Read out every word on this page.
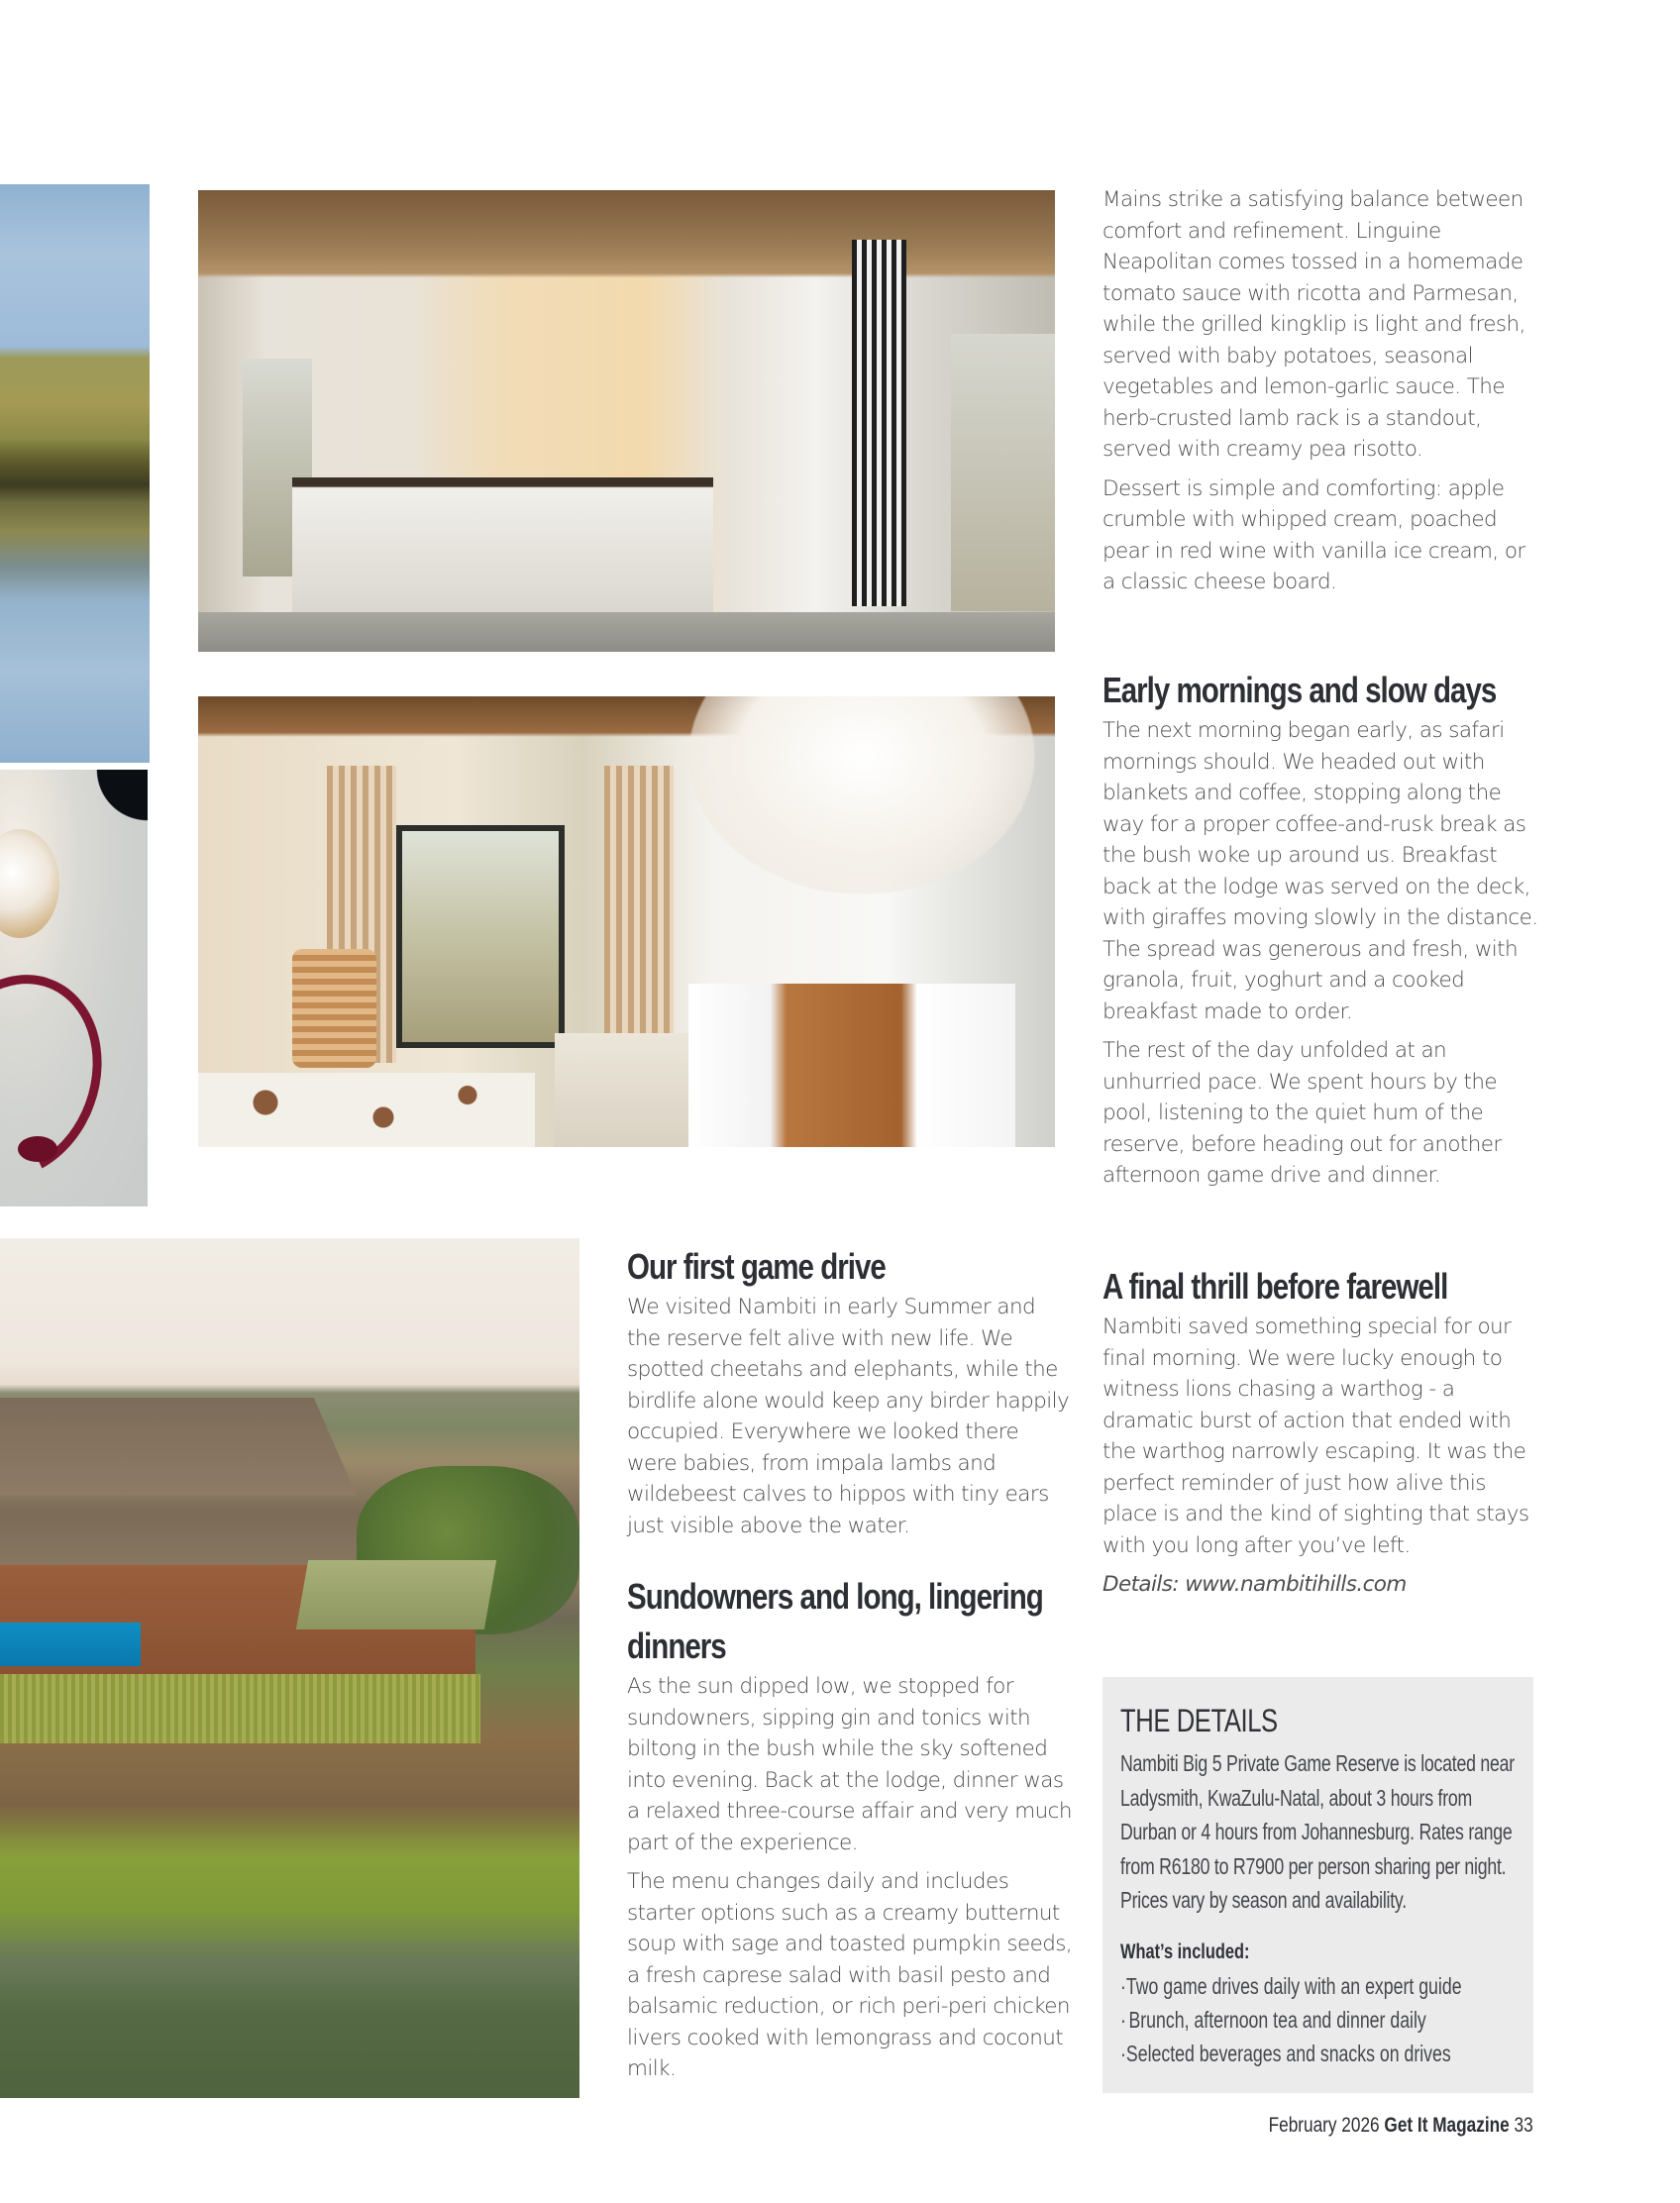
Mains strike a satisfying balance between comfort and refinement. Linguine Neapolitan comes tossed in a homemade tomato sauce with ricotta and Parmesan, while the grilled kingklip is light and fresh, served with baby potatoes, seasonal vegetables and lemon-garlic sauce. The herb-crusted lamb rack is a standout, served with creamy pea risotto.

Dessert is simple and comforting: apple crumble with whipped cream, poached pear in red wine with vanilla ice cream, or a classic cheese board.

Early mornings and slow days

The next morning began early, as safari mornings should. We headed out with blankets and coffee, stopping along the way for a proper coffee-and-rusk break as the bush woke up around us. Breakfast back at the lodge was served on the deck, with giraffes moving slowly in the distance. The spread was generous and fresh, with granola, fruit, yoghurt and a cooked breakfast made to order.

The rest of the day unfolded at an unhurried pace. We spent hours by the pool, listening to the quiet hum of the reserve, before heading out for another afternoon game drive and dinner.

A final thrill before farewell

Nambiti saved something special for our final morning. We were lucky enough to witness lions chasing a warthog - a dramatic burst of action that ended with the warthog narrowly escaping. It was the perfect reminder of just how alive this place is and the kind of sighting that stays with you long after you’ve left.

Details: www.nambitihills.com

Our first game drive

We visited Nambiti in early Summer and the reserve felt alive with new life. We spotted cheetahs and elephants, while the birdlife alone would keep any birder happily occupied. Everywhere we looked there were babies, from impala lambs and wildebeest calves to hippos with tiny ears just visible above the water.

Sundowners and long, lingering dinners

As the sun dipped low, we stopped for sundowners, sipping gin and tonics with biltong in the bush while the sky softened into evening. Back at the lodge, dinner was a relaxed three-course affair and very much part of the experience.

The menu changes daily and includes starter options such as a creamy butternut soup with sage and toasted pumpkin seeds, a fresh caprese salad with basil pesto and balsamic reduction, or rich peri-peri chicken livers cooked with lemongrass and coconut milk.

THE DETAILS
Nambiti Big 5 Private Game Reserve is located near Ladysmith, KwaZulu-Natal, about 3 hours from Durban or 4 hours from Johannesburg. Rates range from R6180 to R7900 per person sharing per night. Prices vary by season and availability.
What’s included:
· Two game drives daily with an expert guide
· Brunch, afternoon tea and dinner daily
· Selected beverages and snacks on drives
February 2026 Get It Magazine 33
